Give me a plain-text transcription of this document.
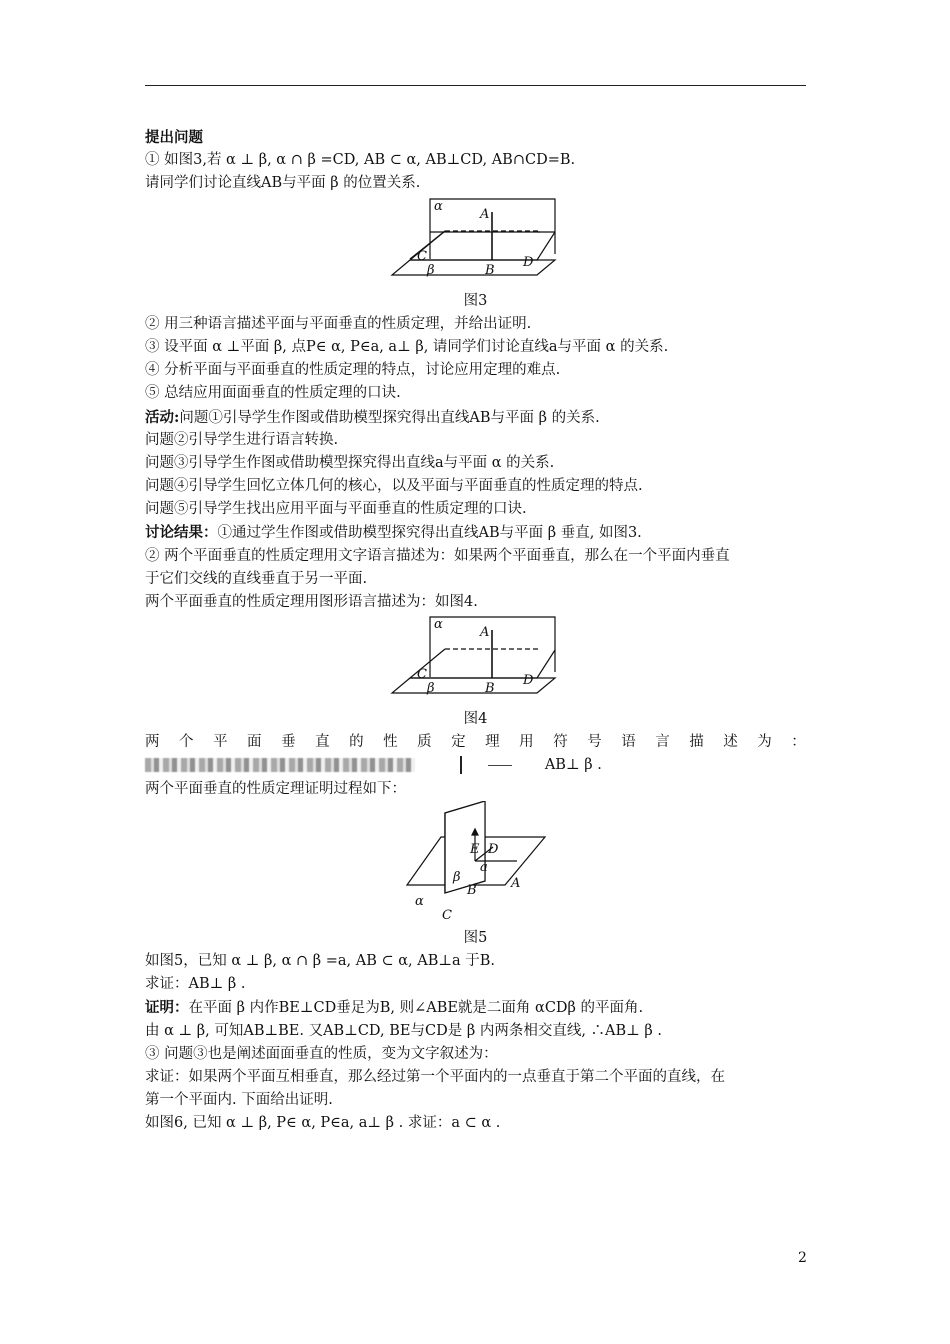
提出问题
① 如图3,若 α ⊥ β, α ∩ β =CD, AB ⊂ α, AB⊥CD, AB∩CD=B.
请同学们讨论直线AB与平面 β 的位置关系.
α
A
C
β	B
D
图3
② 用三种语言描述平面与平面垂直的性质定理，并给出证明.
③ 设平面 α ⊥平面 β, 点P∈ α, P∈a, a⊥ β, 请同学们讨论直线a与平面 α 的关系.
④ 分析平面与平面垂直的性质定理的特点，讨论应用定理的难点.
⑤ 总结应用面面垂直的性质定理的口诀.
活动:问题①引导学生作图或借助模型探究得出直线AB与平面 β 的关系.
问题②引导学生进行语言转换.
问题③引导学生作图或借助模型探究得出直线a与平面 α 的关系.
问题④引导学生回忆立体几何的核心，以及平面与平面垂直的性质定理的特点.
问题⑤引导学生找出应用平面与平面垂直的性质定理的口诀.
讨论结果：①通过学生作图或借助模型探究得出直线AB与平面 β 垂直, 如图3.
② 两个平面垂直的性质定理用文字语言描述为：如果两个平面垂直，那么在一个平面内垂直
于它们交线的直线垂直于另一平面.
两个平面垂直的性质定理用图形语言描述为：如图4.
α
A
C
β	B
D
图4
两 个 平 面 垂 直 的 性 质 定 理 用 符 号 语 言 描 述 为 ：
AB⊥ β .
两个平面垂直的性质定理证明过程如下：
E D
a
β
B	A
α
C
图5
如图5，已知 α ⊥ β, α ∩ β =a, AB ⊂ α, AB⊥a 于B.
求证：AB⊥ β .
证明：在平面 β 内作BE⊥CD垂足为B, 则∠ABE就是二面角 αCDβ 的平面角.
由 α ⊥ β, 可知AB⊥BE. 又AB⊥CD, BE与CD是 β 内两条相交直线, ∴AB⊥ β .
③ 问题③也是阐述面面垂直的性质，变为文字叙述为：
求证：如果两个平面互相垂直，那么经过第一个平面内的一点垂直于第二个平面的直线，在
第一个平面内. 下面给出证明.
如图6, 已知 α ⊥ β, P∈ α, P∈a, a⊥ β . 求证：a ⊂ α .
2
